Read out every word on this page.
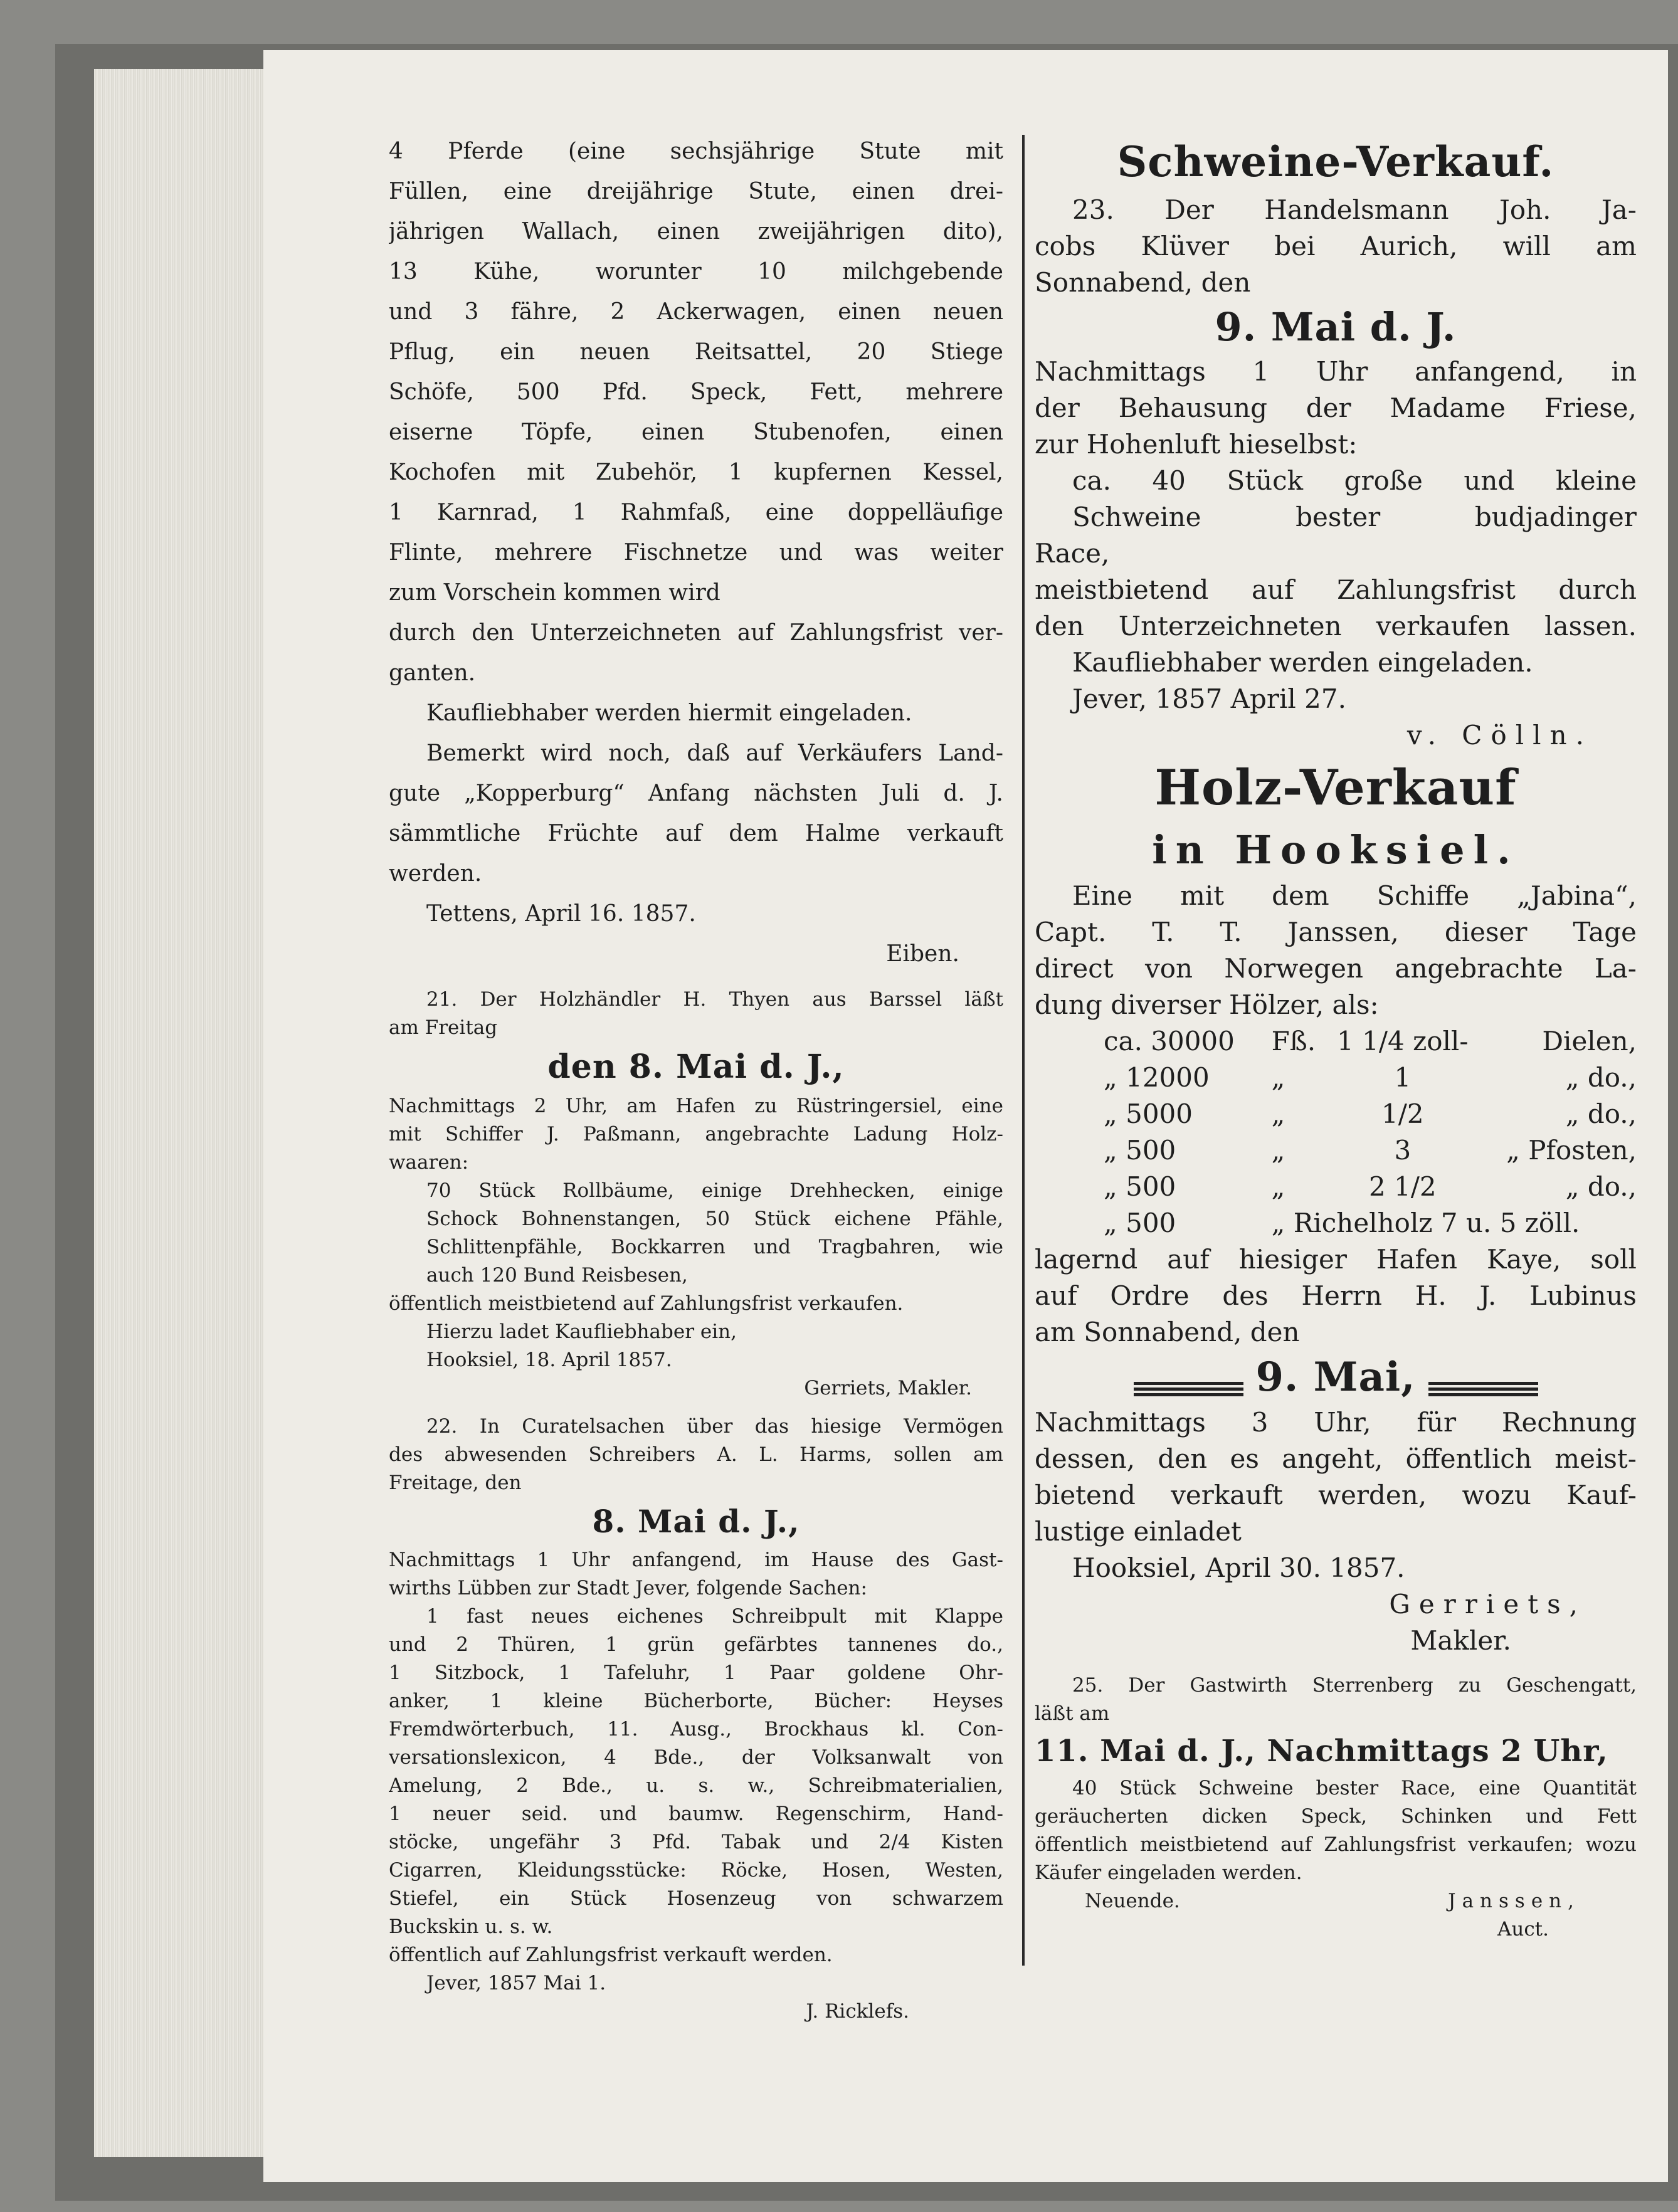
4 Pferde (eine sechsjährige Stute mit
Füllen, eine dreijährige Stute, einen drei-
jährigen Wallach, einen zweijährigen dito),
13 Kühe, worunter 10 milchgebende
und 3 fähre, 2 Ackerwagen, einen neuen
Pflug, ein neuen Reitsattel, 20 Stiege
Schöfe, 500 Pfd. Speck, Fett, mehrere
eiserne Töpfe, einen Stubenofen, einen
Kochofen mit Zubehör, 1 kupfernen Kessel,
1 Karnrad, 1 Rahmfaß, eine doppelläufige
Flinte, mehrere Fischnetze und was weiter
zum Vorschein kommen wird
durch den Unterzeichneten auf Zahlungsfrist ver-
ganten.
Kaufliebhaber werden hiermit eingeladen.
Bemerkt wird noch, daß auf Verkäufers Land-
gute „Kopperburg“ Anfang nächsten Juli d. J.
sämmtliche Früchte auf dem Halme verkauft
werden.
Tettens, April 16. 1857.
Eiben.
21. Der Holzhändler H. Thyen aus Barssel läßt
am Freitag
den 8. Mai d. J.,
Nachmittags 2 Uhr, am Hafen zu Rüstringersiel, eine
mit Schiffer J. Paßmann, angebrachte Ladung Holz-
waaren:
70 Stück Rollbäume, einige Drehhecken, einige
Schock Bohnenstangen, 50 Stück eichene Pfähle,
Schlittenpfähle, Bockkarren und Tragbahren, wie
auch 120 Bund Reisbesen,
öffentlich meistbietend auf Zahlungsfrist verkaufen.
Hierzu ladet Kaufliebhaber ein,
Hooksiel, 18. April 1857.
Gerriets, Makler.
22. In Curatelsachen über das hiesige Vermögen
des abwesenden Schreibers A. L. Harms, sollen am
Freitage, den
8. Mai d. J.,
Nachmittags 1 Uhr anfangend, im Hause des Gast-
wirths Lübben zur Stadt Jever, folgende Sachen:
1 fast neues eichenes Schreibpult mit Klappe
und 2 Thüren, 1 grün gefärbtes tannenes do.,
1 Sitzbock, 1 Tafeluhr, 1 Paar goldene Ohr-
anker, 1 kleine Bücherborte, Bücher: Heyses
Fremdwörterbuch, 11. Ausg., Brockhaus kl. Con-
versationslexicon, 4 Bde., der Volksanwalt von
Amelung, 2 Bde., u. s. w., Schreibmaterialien,
1 neuer seid. und baumw. Regenschirm, Hand-
stöcke, ungefähr 3 Pfd. Tabak und 2/4 Kisten
Cigarren, Kleidungsstücke: Röcke, Hosen, Westen,
Stiefel, ein Stück Hosenzeug von schwarzem
Buckskin u. s. w.
öffentlich auf Zahlungsfrist verkauft werden.
Jever, 1857 Mai 1.
J. Ricklefs.
Schweine-Verkauf.
23. Der Handelsmann Joh. Ja-
cobs Klüver bei Aurich, will am
Sonnabend, den
9. Mai d. J.
Nachmittags 1 Uhr anfangend, in
der Behausung der Madame Friese,
zur Hohenluft hieselbst:
ca. 40 Stück große und kleine
Schweine bester budjadinger
Race,
meistbietend auf Zahlungsfrist durch
den Unterzeichneten verkaufen lassen.
Kaufliebhaber werden eingeladen.
Jever, 1857 April 27.
v. Cölln.
Holz-Verkauf
in Hooksiel.
Eine mit dem Schiffe „Jabina“,
Capt. T. T. Janssen, dieser Tage
direct von Norwegen angebrachte La-
dung diverser Hölzer, als:
ca. 30000	Fß.	1 1/4 zoll-	Dielen,
„ 12000	„	1	„ do.,
„ 5000	„	1/2	„ do.,
„ 500	„	3	„ Pfosten,
„ 500	„	2 1/2	„ do.,
„ 500	„ Richelholz 7 u. 5 zöll.		
lagernd auf hiesiger Hafen Kaye, soll
auf Ordre des Herrn H. J. Lubinus
am Sonnabend, den
9. Mai,
Nachmittags 3 Uhr, für Rechnung
dessen, den es angeht, öffentlich meist-
bietend verkauft werden, wozu Kauf-
lustige einladet
Hooksiel, April 30. 1857.
Gerriets,
Makler.
25. Der Gastwirth Sterrenberg zu Geschengatt,
läßt am
11. Mai d. J., Nachmittags 2 Uhr,
40 Stück Schweine bester Race, eine Quantität
geräucherten dicken Speck, Schinken und Fett
öffentlich meistbietend auf Zahlungsfrist verkaufen; wozu
Käufer eingeladen werden.
Neuende.	Janssen,
Auct.
